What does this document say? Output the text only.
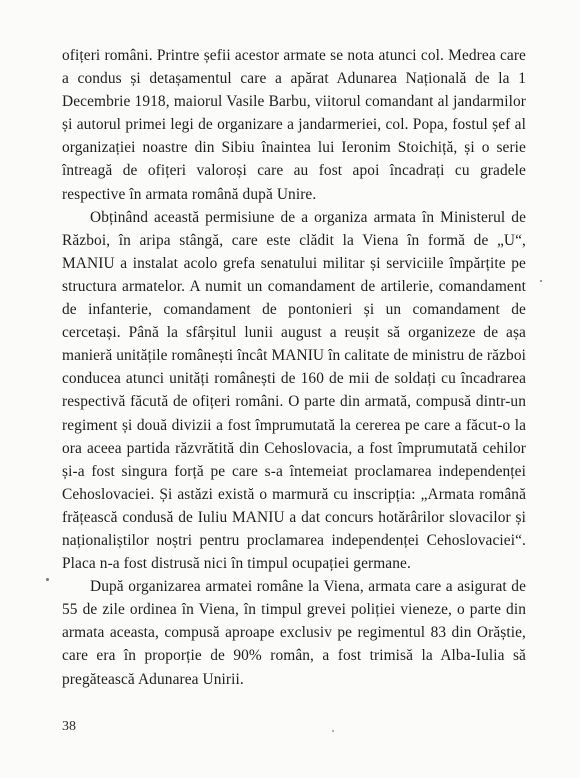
ofițeri români. Printre șefii acestor armate se nota atunci col. Medrea care a condus și detașamentul care a apărat Adunarea Națională de la 1 Decembrie 1918, maiorul Vasile Barbu, viitorul comandant al jandarmilor și autorul primei legi de organizare a jandarmeriei, col. Popa, fostul șef al organizației noastre din Sibiu înaintea lui Ieronim Stoichiță, și o serie întreagă de ofițeri valoroși care au fost apoi încadrați cu gradele respective în armata română după Unire.

Obținând această permisiune de a organiza armata în Ministerul de Război, în aripa stângă, care este clădit la Viena în formă de „U“, MANIU a instalat acolo grefa senatului militar și serviciile împărțite pe structura armatelor. A numit un comandament de artilerie, comandament de infanterie, comandament de pontonieri și un comandament de cercetași. Până la sfârșitul lunii august a reușit să organizeze de așa manieră unitățile românești încât MANIU în calitate de ministru de război conducea atunci unități românești de 160 de mii de soldați cu încadrarea respectivă făcută de ofițeri români. O parte din armată, compusă dintr-un regiment și două divizii a fost împrumutată la cererea pe care a făcut-o la ora aceea partida răzvrătită din Cehoslovacia, a fost împrumutată cehilor și-a fost singura forță pe care s-a întemeiat proclamarea independenței Cehoslovaciei. Și astăzi există o marmură cu inscripția: „Armata română frățească condusă de Iuliu MANIU a dat concurs hotărârilor slovacilor și naționaliștilor noștri pentru proclamarea independenței Cehoslovaciei“. Placa n-a fost distrusă nici în timpul ocupației germane.

După organizarea armatei române la Viena, armata care a asigurat de 55 de zile ordinea în Viena, în timpul grevei poliției vieneze, o parte din armata aceasta, compusă aproape exclusiv pe regimentul 83 din Orăștie, care era în proporție de 90% român, a fost trimisă la Alba-Iulia să pregătească Adunarea Unirii.

38
